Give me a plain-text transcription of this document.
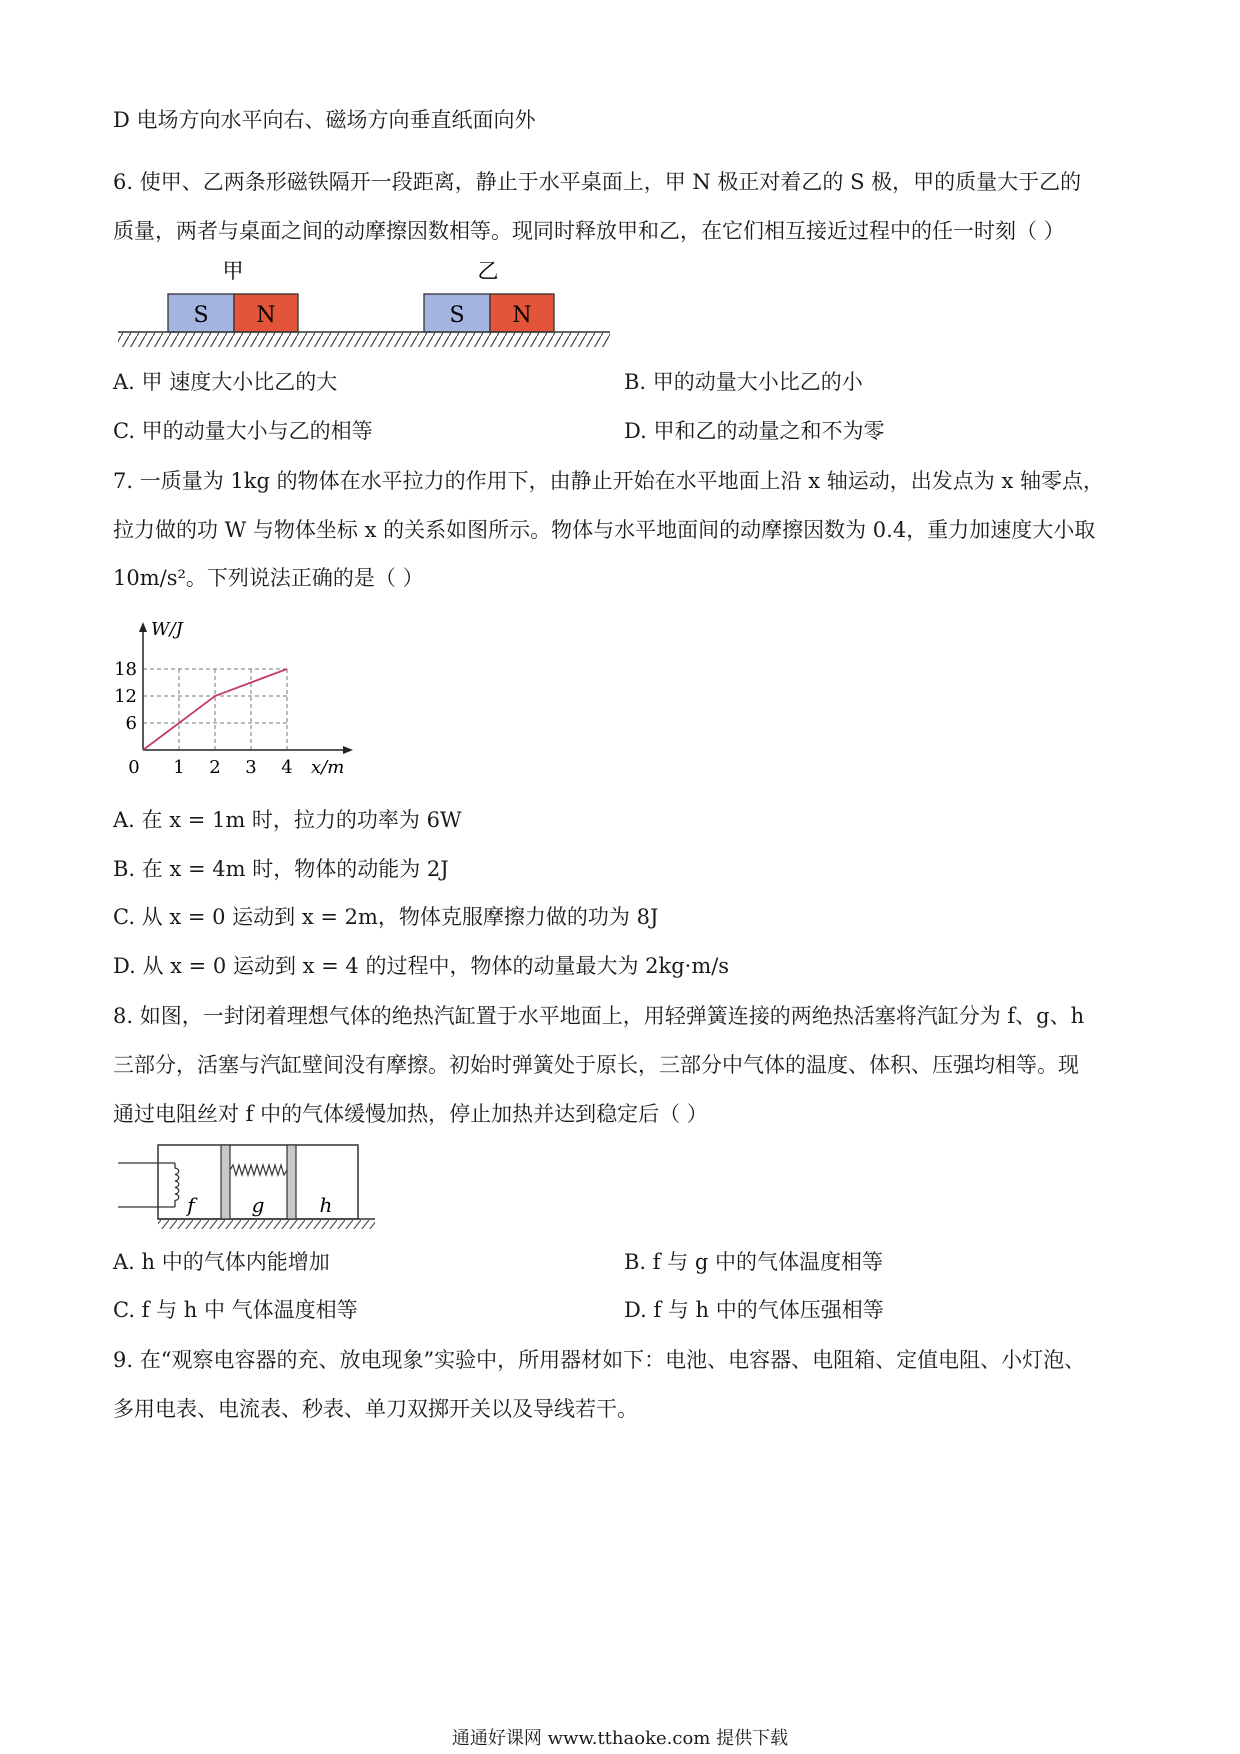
D 电场方向水平向右、磁场方向垂直纸面向外
6. 使甲、乙两条形磁铁隔开一段距离，静止于水平桌面上，甲 N 极正对着乙的 S 极，甲的质量大于乙的
质量，两者与桌面之间的动摩擦因数相等。现同时释放甲和乙，在它们相互接近过程中的任一时刻（ ）
甲	乙
S N	S N
A. 甲 速度大小比乙的大	B. 甲的动量大小比乙的小
C. 甲的动量大小与乙的相等	D. 甲和乙的动量之和不为零
7. 一质量为 1kg 的物体在水平拉力的作用下，由静止开始在水平地面上沿 x 轴运动，出发点为 x 轴零点，
拉力做的功 W 与物体坐标 x 的关系如图所示。物体与水平地面间的动摩擦因数为 0.4，重力加速度大小取
10m/s²。下列说法正确的是（ ）
6
12
18
0 1 2 3 4
W/J
x/m
A. 在 x = 1m 时，拉力的功率为 6W
B. 在 x = 4m 时，物体的动能为 2J
C. 从 x = 0 运动到 x = 2m，物体克服摩擦力做的功为 8J
D. 从 x = 0 运动到 x = 4 的过程中，物体的动量最大为 2kg·m/s
8. 如图，一封闭着理想气体的绝热汽缸置于水平地面上，用轻弹簧连接的两绝热活塞将汽缸分为 f、g、h
三部分，活塞与汽缸壁间没有摩擦。初始时弹簧处于原长，三部分中气体的温度、体积、压强均相等。现
通过电阻丝对 f 中的气体缓慢加热，停止加热并达到稳定后（ ）
f	g	h
A. h 中的气体内能增加	B. f 与 g 中的气体温度相等
C. f 与 h 中 气体温度相等	D. f 与 h 中的气体压强相等
9. 在“观察电容器的充、放电现象”实验中，所用器材如下：电池、电容器、电阻箱、定值电阻、小灯泡、
多用电表、电流表、秒表、单刀双掷开关以及导线若干。
通通好课网 www.tthaoke.com 提供下载
